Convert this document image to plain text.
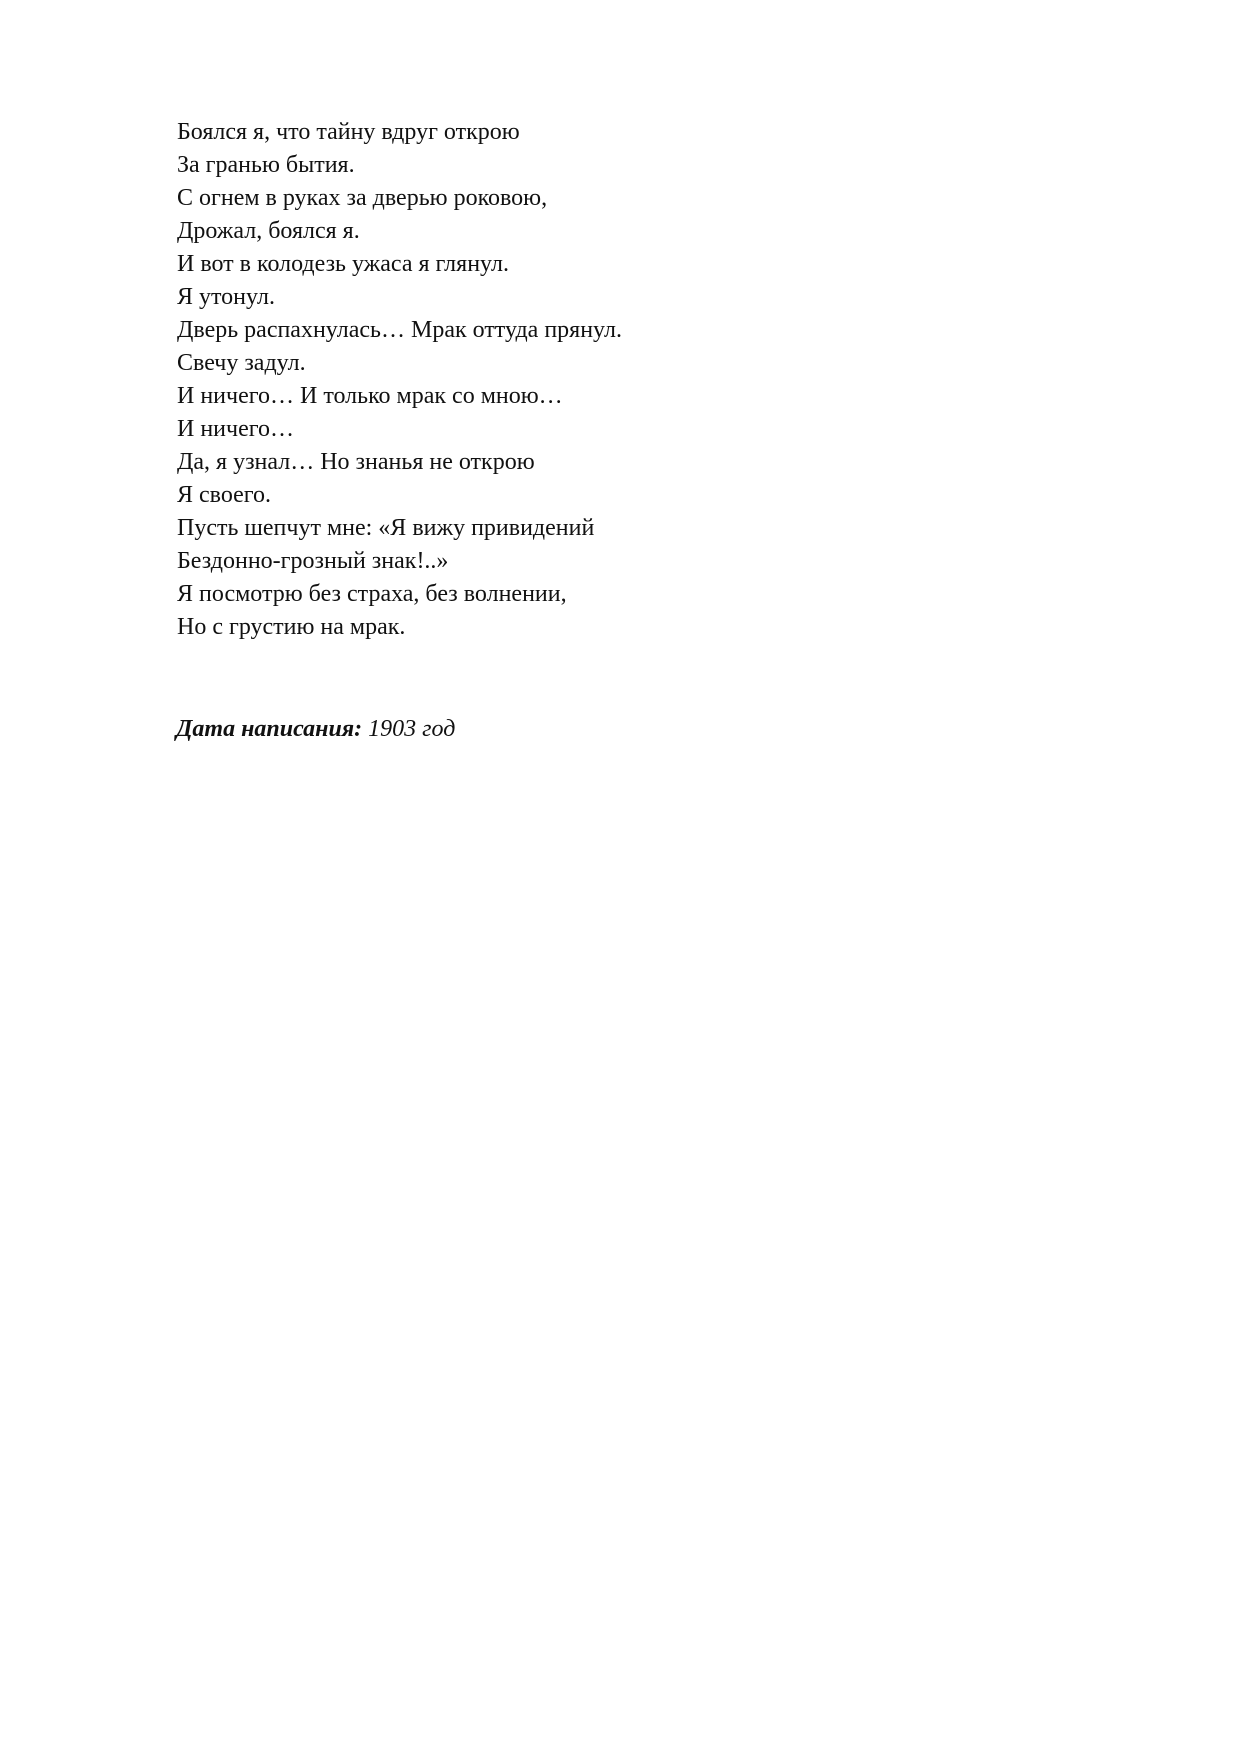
Боялся я, что тайну вдруг открою
За гранью бытия.
С огнем в руках за дверью роковою,
Дрожал, боялся я.
И вот в колодезь ужаса я глянул.
Я утонул.
Дверь распахнулась… Мрак оттуда прянул.
Свечу задул.
И ничего… И только мрак со мною…
И ничего…
Да, я узнал… Но знанья не открою
Я своего.
Пусть шепчут мне: «Я вижу привидений
Бездонно-грозный знак!..»
Я посмотрю без страха, без волнении,
Но с грустию на мрак.
Дата написания: 1903 год
